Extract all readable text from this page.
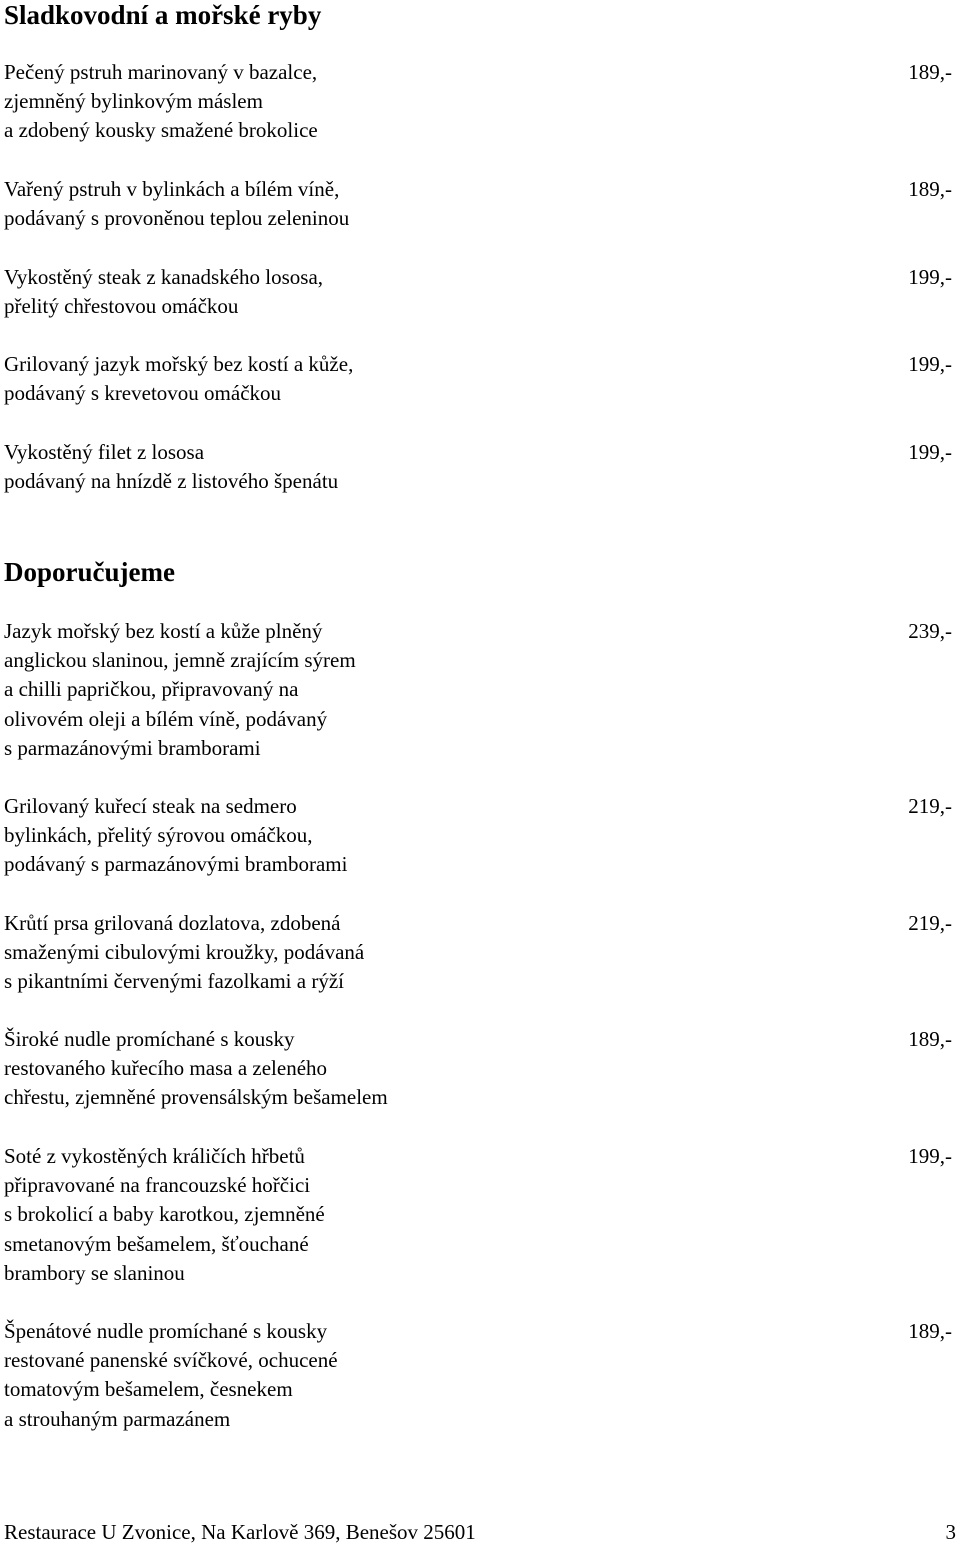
Sladkovodní a mořské ryby
Pečený pstruh marinovaný v bazalce,
zjemněný bylinkovým máslem
a zdobený kousky smažené brokolice
189,-
Vařený pstruh v bylinkách a bílém víně,
podávaný s provoněnou teplou zeleninou
189,-
Vykostěný steak z kanadského lososa,
přelitý chřestovou omáčkou
199,-
Grilovaný jazyk mořský bez kostí a kůže,
podávaný s krevetovou omáčkou
199,-
Vykostěný filet z lososa
podávaný na hnízdě z listového špenátu
199,-
Doporučujeme
Jazyk mořský bez kostí a kůže plněný
anglickou slaninou, jemně zrajícím sýrem
a chilli papričkou, připravovaný na
olivovém oleji a bílém víně, podávaný
s parmazánovými bramborami
239,-
Grilovaný kuřecí steak na sedmero
bylinkách, přelitý sýrovou omáčkou,
podávaný s parmazánovými bramborami
219,-
Krůtí prsa grilovaná dozlatova, zdobená
smaženými cibulovými kroužky, podávaná
s pikantními červenými fazolkami a rýží
219,-
Široké nudle promíchané s kousky
restovaného kuřecího masa a zeleného
chřestu, zjemněné provensálským bešamelem
189,-
Soté z vykostěných králičích hřbetů
připravované na francouzské hořčici
s brokolicí a baby karotkou, zjemněné
smetanovým bešamelem, šťouchané
brambory se slaninou
199,-
Špenátové nudle promíchané s kousky
restované panenské svíčkové, ochucené
tomatovým bešamelem, česnekem
a strouhaným parmazánem
189,-
Restaurace U Zvonice, Na Karlově 369, Benešov 25601	3
